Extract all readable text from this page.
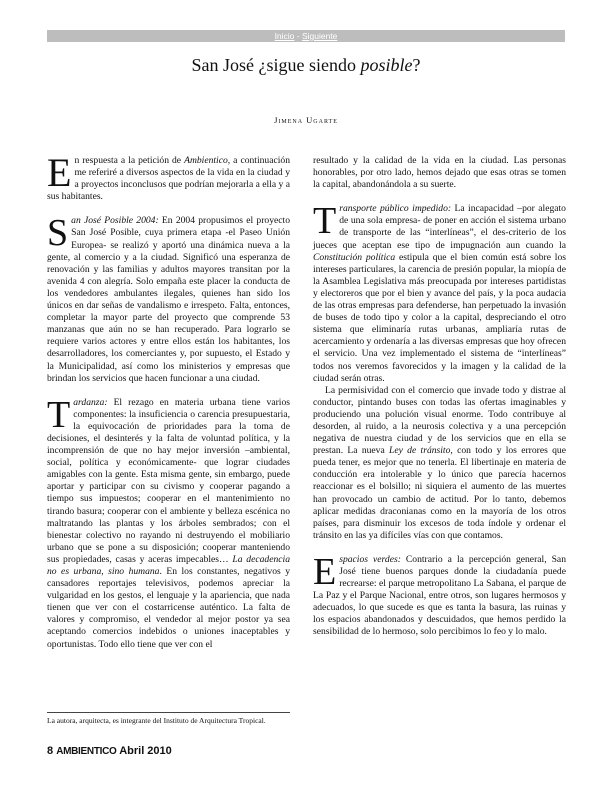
Inicio - Siguiente
San José ¿sigue siendo posible?
Jimena Ugarte

En respuesta a la petición de Ambientico, a continuación me referiré a diversos aspectos de la vida en la ciudad y a proyectos inconclusos que podrían mejorarla a ella y a sus habitantes.

San José Posible 2004: En 2004 propusimos el proyecto San José Posible, cuya primera etapa -el Paseo Unión Europea- se realizó y aportó una dinámica nueva a la gente, al comercio y a la ciudad. Significó una esperanza de renovación y las familias y adultos mayores transitan por la avenida 4 con alegría. Solo empaña este placer la conducta de los vendedores ambulantes ilegales, quienes han sido los únicos en dar señas de vandalismo e irrespeto. Falta, entonces, completar la mayor parte del proyecto que comprende 53 manzanas que aún no se han recuperado. Para lograrlo se requiere varios actores y entre ellos están los habitantes, los desarrolladores, los comerciantes y, por supuesto, el Estado y la Municipalidad, así como los ministerios y empresas que brindan los servicios que hacen funcionar a una ciudad.

Tardanza: El rezago en materia urbana tiene varios componentes: la insuficiencia o carencia presupuestaria, la equivocación de prioridades para la toma de decisiones, el desinterés y la falta de voluntad política, y la incomprensión de que no hay mejor inversión –ambiental, social, política y económicamente- que lograr ciudades amigables con la gente. Esta misma gente, sin embargo, puede aportar y participar con su civismo y cooperar pagando a tiempo sus impuestos; cooperar en el mantenimiento no tirando basura; cooperar con el ambiente y belleza escénica no maltratando las plantas y los árboles sembrados; con el bienestar colectivo no rayando ni destruyendo el mobiliario urbano que se pone a su disposición; cooperar manteniendo sus propiedades, casas y aceras impecables… La decadencia no es urbana, sino humana. En los constantes, negativos y cansadores reportajes televisivos, podemos apreciar la vulgaridad en los gestos, el lenguaje y la apariencia, que nada tienen que ver con el costarricense auténtico. La falta de valores y compromiso, el vendedor al mejor postor ya sea aceptando comercios indebidos o uniones inaceptables y oportunistas. Todo ello tiene que ver con el

resultado y la calidad de la vida en la ciudad. Las personas honorables, por otro lado, hemos dejado que esas otras se tomen la capital, abandonándola a su suerte.

Transporte público impedido: La incapacidad –por alegato de una sola empresa- de poner en acción el sistema urbano de transporte de las “interlíneas”, el des-criterio de los jueces que aceptan ese tipo de impugnación aun cuando la Constitución política estipula que el bien común está sobre los intereses particulares, la carencia de presión popular, la miopía de la Asamblea Legislativa más preocupada por intereses partidistas y electoreros que por el bien y avance del país, y la poca audacia de las otras empresas para defenderse, han perpetuado la invasión de buses de todo tipo y color a la capital, despreciando el otro sistema que eliminaría rutas urbanas, ampliaría rutas de acercamiento y ordenaría a las diversas empresas que hoy ofrecen el servicio. Una vez implementado el sistema de “interlíneas” todos nos veremos favorecidos y la imagen y la calidad de la ciudad serán otras.

La permisividad con el comercio que invade todo y distrae al conductor, pintando buses con todas las ofertas imaginables y produciendo una polución visual enorme. Todo contribuye al desorden, al ruido, a la neurosis colectiva y a una percepción negativa de nuestra ciudad y de los servicios que en ella se prestan. La nueva Ley de tránsito, con todo y los errores que pueda tener, es mejor que no tenerla. El libertinaje en materia de conducción era intolerable y lo único que parecía hacernos reaccionar es el bolsillo; ni siquiera el aumento de las muertes han provocado un cambio de actitud. Por lo tanto, debemos aplicar medidas draconianas como en la mayoría de los otros países, para disminuir los excesos de toda índole y ordenar el tránsito en las ya difíciles vías con que contamos.

Espacios verdes: Contrario a la percepción general, San José tiene buenos parques donde la ciudadanía puede recrearse: el parque metropolitano La Sabana, el parque de La Paz y el Parque Nacional, entre otros, son lugares hermosos y adecuados, lo que sucede es que es tanta la basura, las ruinas y los espacios abandonados y descuidados, que hemos perdido la sensibilidad de lo hermoso, solo percibimos lo feo y lo malo.

La autora, arquitecta, es integrante del Instituto de Arquitectura Tropical.
8 AMBIENTICO Abril 2010
